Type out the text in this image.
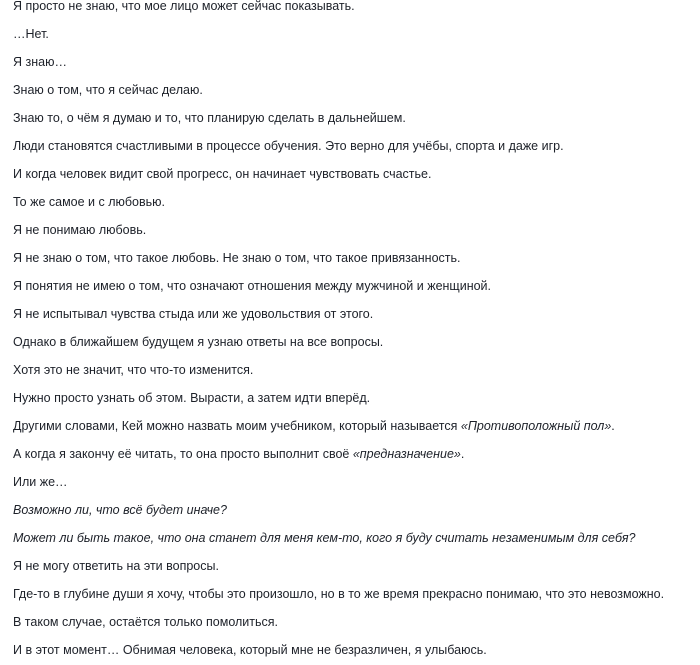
Я просто не знаю, что мое лицо может сейчас показывать.
…Нет.
Я знаю…
Знаю о том, что я сейчас делаю.
Знаю то, о чём я думаю и то, что планирую сделать в дальнейшем.
Люди становятся счастливыми в процессе обучения. Это верно для учёбы, спорта и даже игр.
И когда человек видит свой прогресс, он начинает чувствовать счастье.
То же самое и с любовью.
Я не понимаю любовь.
Я не знаю о том, что такое любовь. Не знаю о том, что такое привязанность.
Я понятия не имею о том, что означают отношения между мужчиной и женщиной.
Я не испытывал чувства стыда или же удовольствия от этого.
Однако в ближайшем будущем я узнаю ответы на все вопросы.
Хотя это не значит, что что-то изменится.
Нужно просто узнать об этом. Вырасти, а затем идти вперёд.
Другими словами, Кей можно назвать моим учебником, который называется «Противоположный пол».
А когда я закончу её читать, то она просто выполнит своё «предназначение».
Или же…
Возможно ли, что всё будет иначе?
Может ли быть такое, что она станет для меня кем-то, кого я буду считать незаменимым для себя?
Я не могу ответить на эти вопросы.
Где-то в глубине души я хочу, чтобы это произошло, но в то же время прекрасно понимаю, что это невозможно.
В таком случае, остаётся только помолиться.
И в этот момент… Обнимая человека, который мне не безразличен, я улыбаюсь.
